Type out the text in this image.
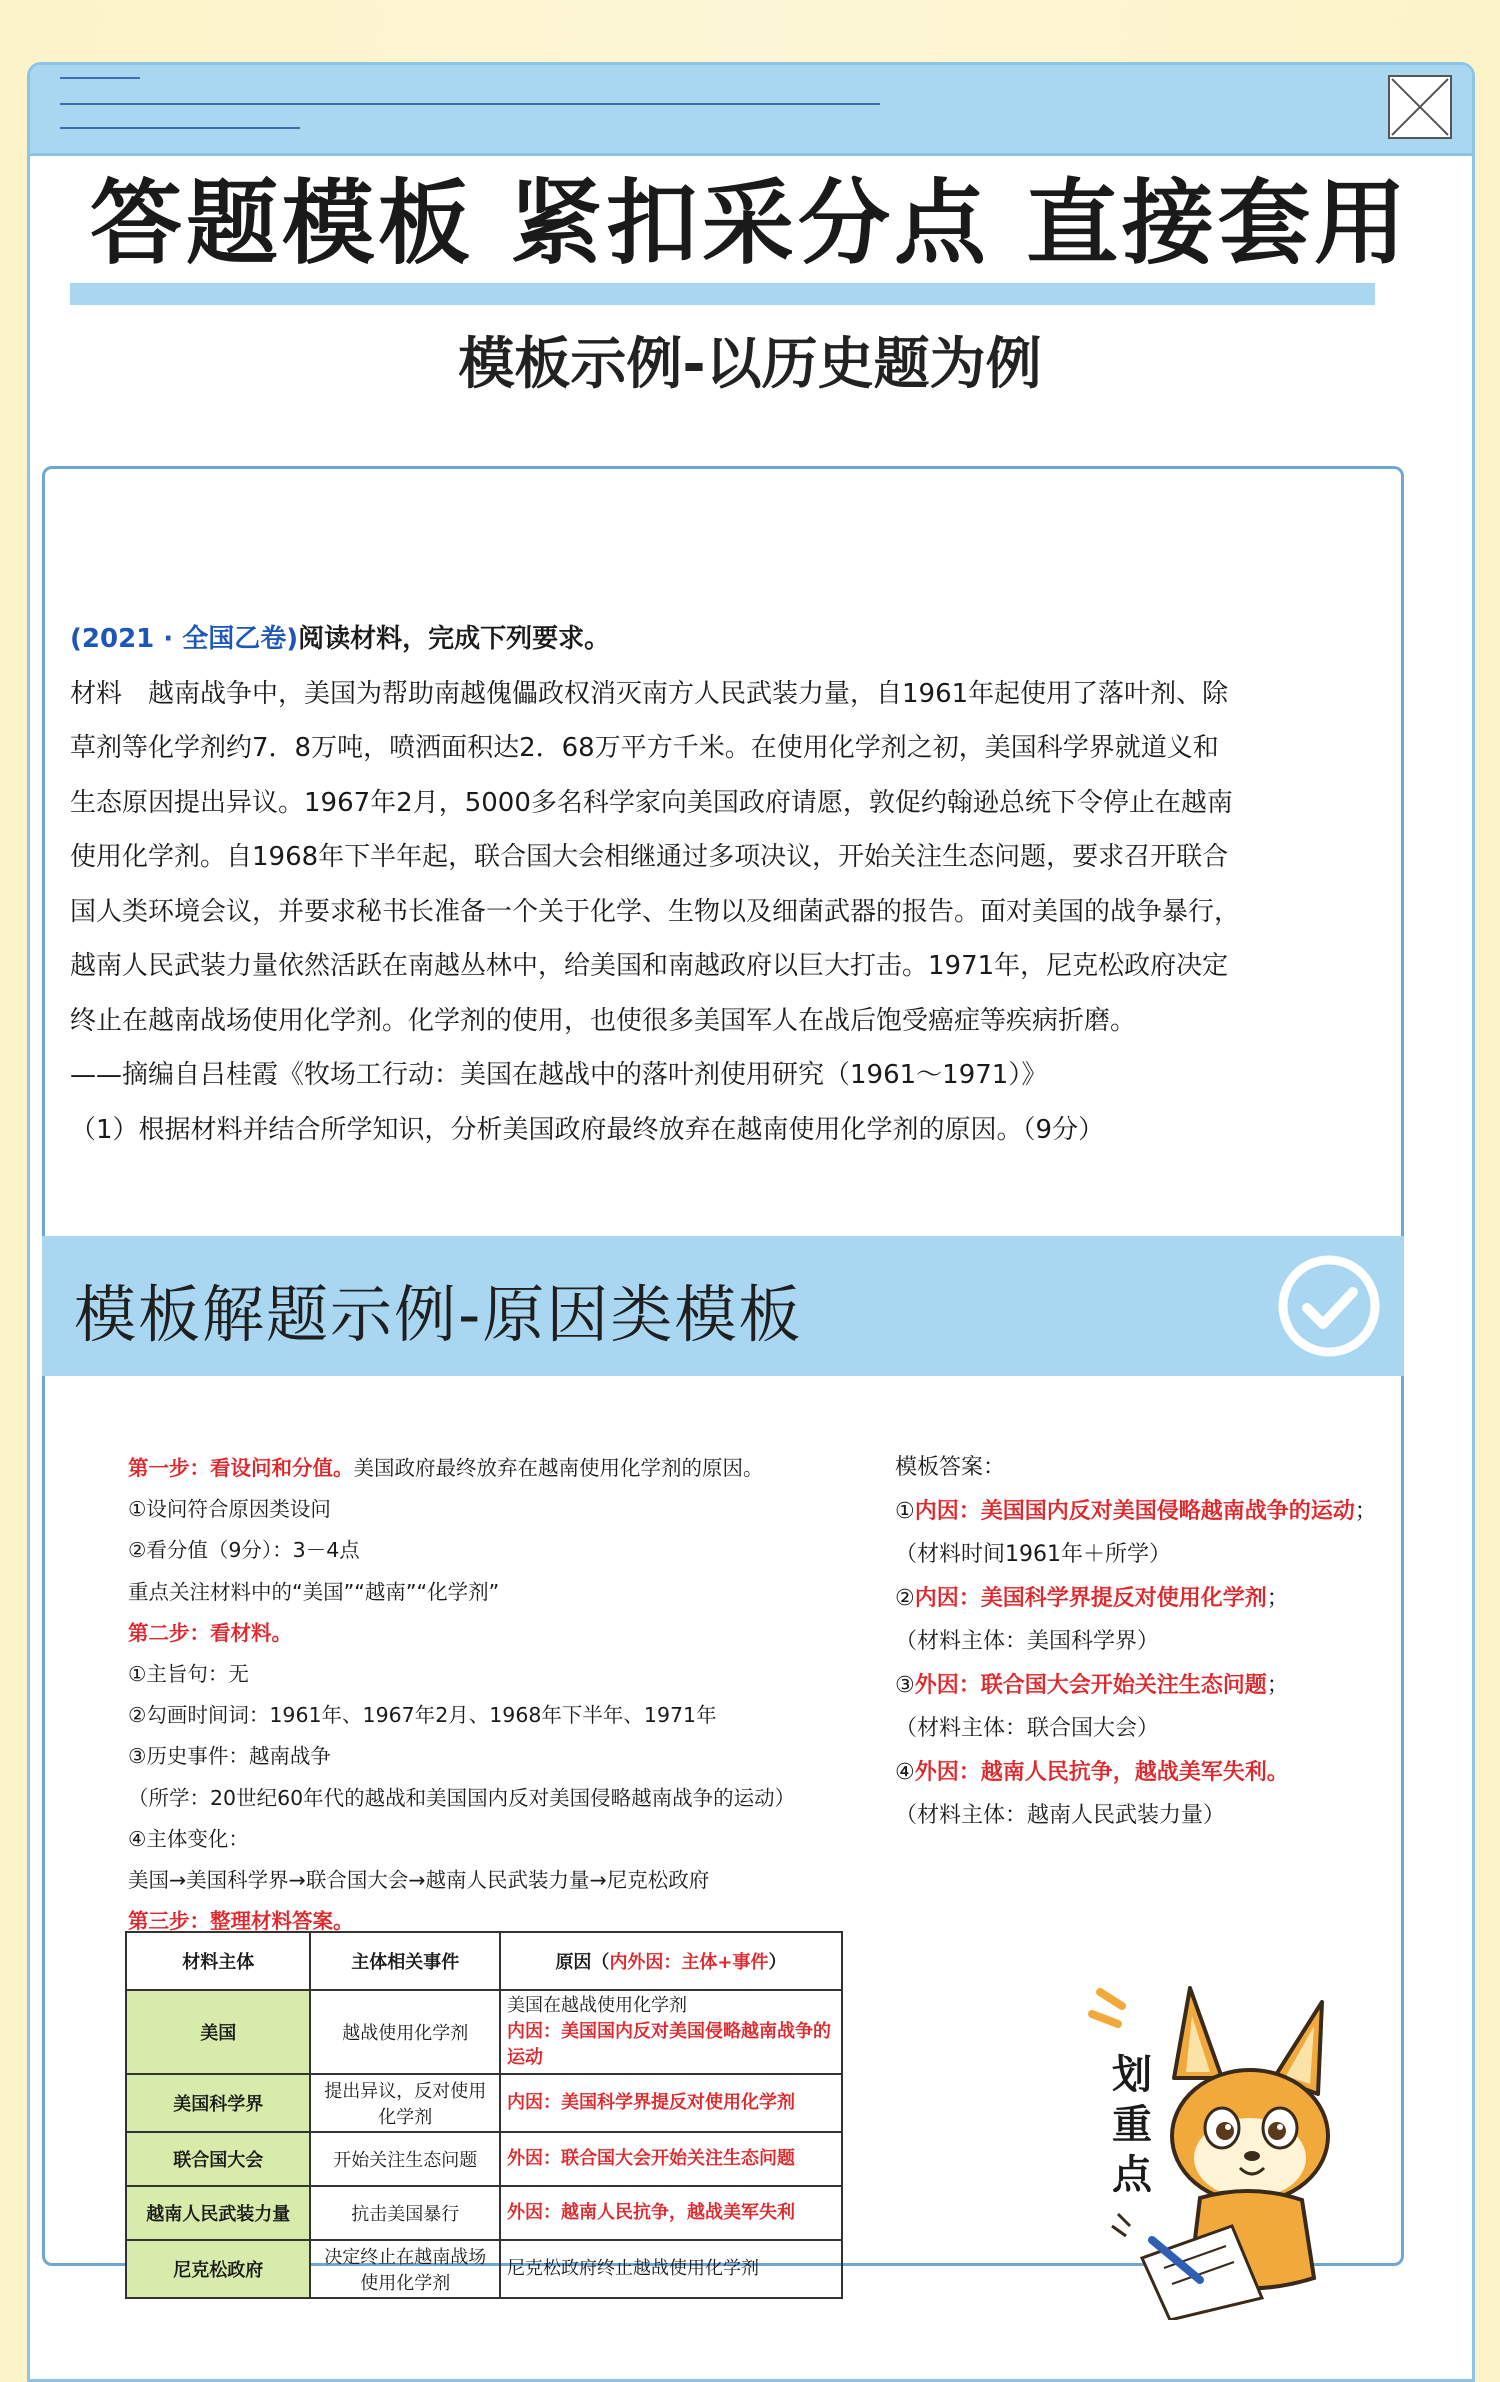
答题模板 紧扣采分点 直接套用
模板示例-以历史题为例

(2021 · 全国乙卷)阅读材料，完成下列要求。

材料　越南战争中，美国为帮助南越傀儡政权消灭南方人民武装力量，自1961年起使用了落叶剂、除

草剂等化学剂约7．8万吨，喷洒面积达2．68万平方千米。在使用化学剂之初，美国科学界就道义和

生态原因提出异议。1967年2月，5000多名科学家向美国政府请愿，敦促约翰逊总统下令停止在越南

使用化学剂。自1968年下半年起，联合国大会相继通过多项决议，开始关注生态问题，要求召开联合

国人类环境会议，并要求秘书长准备一个关于化学、生物以及细菌武器的报告。面对美国的战争暴行，

越南人民武装力量依然活跃在南越丛林中，给美国和南越政府以巨大打击。1971年，尼克松政府决定

终止在越南战场使用化学剂。化学剂的使用，也使很多美国军人在战后饱受癌症等疾病折磨。

——摘编自吕桂霞《牧场工行动：美国在越战中的落叶剂使用研究（1961～1971）》

（1）根据材料并结合所学知识，分析美国政府最终放弃在越南使用化学剂的原因。（9分）

模板解题示例-原因类模板

第一步：看设问和分值。美国政府最终放弃在越南使用化学剂的原因。

①设问符合原因类设问

②看分值（9分）：3－4点

重点关注材料中的“美国”“越南”“化学剂”

第二步：看材料。

①主旨句：无

②勾画时间词：1961年、1967年2月、1968年下半年、1971年

③历史事件：越南战争

（所学：20世纪60年代的越战和美国国内反对美国侵略越南战争的运动）

④主体变化：

美国→美国科学界→联合国大会→越南人民武装力量→尼克松政府

第三步：整理材料答案。

模板答案：

①内因：美国国内反对美国侵略越南战争的运动；

（材料时间1961年＋所学）

②内因：美国科学界提反对使用化学剂；

（材料主体：美国科学界）

③外因：联合国大会开始关注生态问题；

（材料主体：联合国大会）

④外因：越南人民抗争，越战美军失利。

（材料主体：越南人民武装力量）

材料主体	主体相关事件	原因（内外因：主体+事件）
美国	越战使用化学剂	美国在越战使用化学剂
内因：美国国内反对美国侵略越南战争的运动

美国科学界	提出异议，反对使用化学剂	内因：美国科学界提反对使用化学剂

联合国大会	开始关注生态问题	外因：联合国大会开始关注生态问题

越南人民武装力量	抗击美国暴行	外因：越南人民抗争，越战美军失利

尼克松政府	决定终止在越南战场使用化学剂	尼克松政府终止越战使用化学剂
划
重
点
